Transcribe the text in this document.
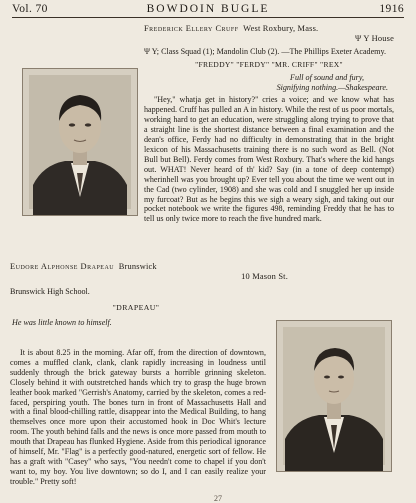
Vol. 70	BOWDOIN BUGLE	1916

Frederick Ellery Cruff West Roxbury, Mass.

Ψ Υ House

Ψ Υ; Class Squad (1); Mandolin Club (2). —The Phillips Exeter Academy.

"FREDDY" "FERDY" "MR. CRIFF" "REX"

Full of sound and fury,

Signifying nothing.—Shakespeare.

"Hey," whatja get in history?" cries a voice; and we know what has happened. Cruff has pulled an A in history. While the rest of us poor mortals, working hard to get an education, were struggling along trying to prove that a straight line is the shortest distance between a final examination and the dean's office, Ferdy had no difficulty in demonstrating that in the bright lexicon of his Massachusetts training there is no such word as Bell. (Not Bull but Bell). Ferdy comes from West Roxbury. That's where the kid hangs out. WHAT! Never heard of th' kid? Say (in a tone of deep contempt) wherinhell was you brought up? Ever tell you about the time we went out in the Cad (two cylinder, 1908) and she was cold and I snuggled her up inside my furcoat? But as he begins this we sigh a weary sigh, and taking out our pocket notebook we write the figures 498, reminding Freddy that he has to tell us only twice more to reach the five hundred mark.

Eudore Alphonse Drapeau Brunswick

10 Mason St.

Brunswick High School.

"DRAPEAU"

He was little known to himself.

It is about 8.25 in the morning. Afar off, from the direction of downtown, comes a muffled clank, clank, clank rapidly increasing in loudness until suddenly through the brick gateway bursts a horrible grinning skeleton. Closely behind it with outstretched hands which try to grasp the huge brown leather book marked "Gerrish's Anatomy, carried by the skeleton, comes a red-faced, perspiring youth. The bones turn in front of Massachusetts Hall and with a final blood-chilling rattle, disappear into the Medical Building, to hang themselves once more upon their accustomed hook in Doc Whit's lecture room. The youth behind falls and the news is once more passed from mouth to mouth that Drapeau has flunked Hygiene. Aside from this periodical ignorance of himself, Mr. "Flag" is a perfectly good-natured, energetic sort of fellow. He has a graft with "Casey" who says, "You needn't come to chapel if you don't want to, my boy. You live downtown; so do I, and I can easily realize your trouble." Pretty soft!

27
